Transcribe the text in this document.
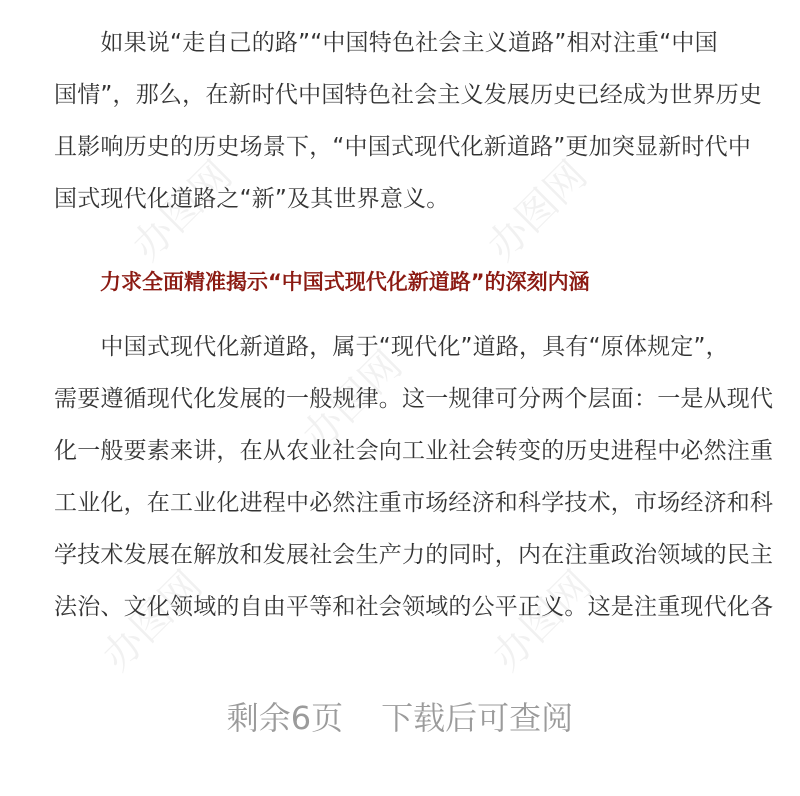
办图网	办图网
办图网
办图网	办图网

　　如果说“走自己的路”“中国特色社会主义道路”相对注重“中国
国情”，那么，在新时代中国特色社会主义发展历史已经成为世界历史
且影响历史的历史场景下，“中国式现代化新道路”更加突显新时代中
国式现代化道路之“新”及其世界意义。

力求全面精准揭示“中国式现代化新道路”的深刻内涵

　　中国式现代化新道路，属于“现代化”道路，具有“原体规定”，
需要遵循现代化发展的一般规律。这一规律可分两个层面：一是从现代
化一般要素来讲，在从农业社会向工业社会转变的历史进程中必然注重
工业化，在工业化进程中必然注重市场经济和科学技术，市场经济和科
学技术发展在解放和发展社会生产力的同时，内在注重政治领域的民主
法治、文化领域的自由平等和社会领域的公平正义。这是注重现代化各

剩余6页 下载后可查阅
